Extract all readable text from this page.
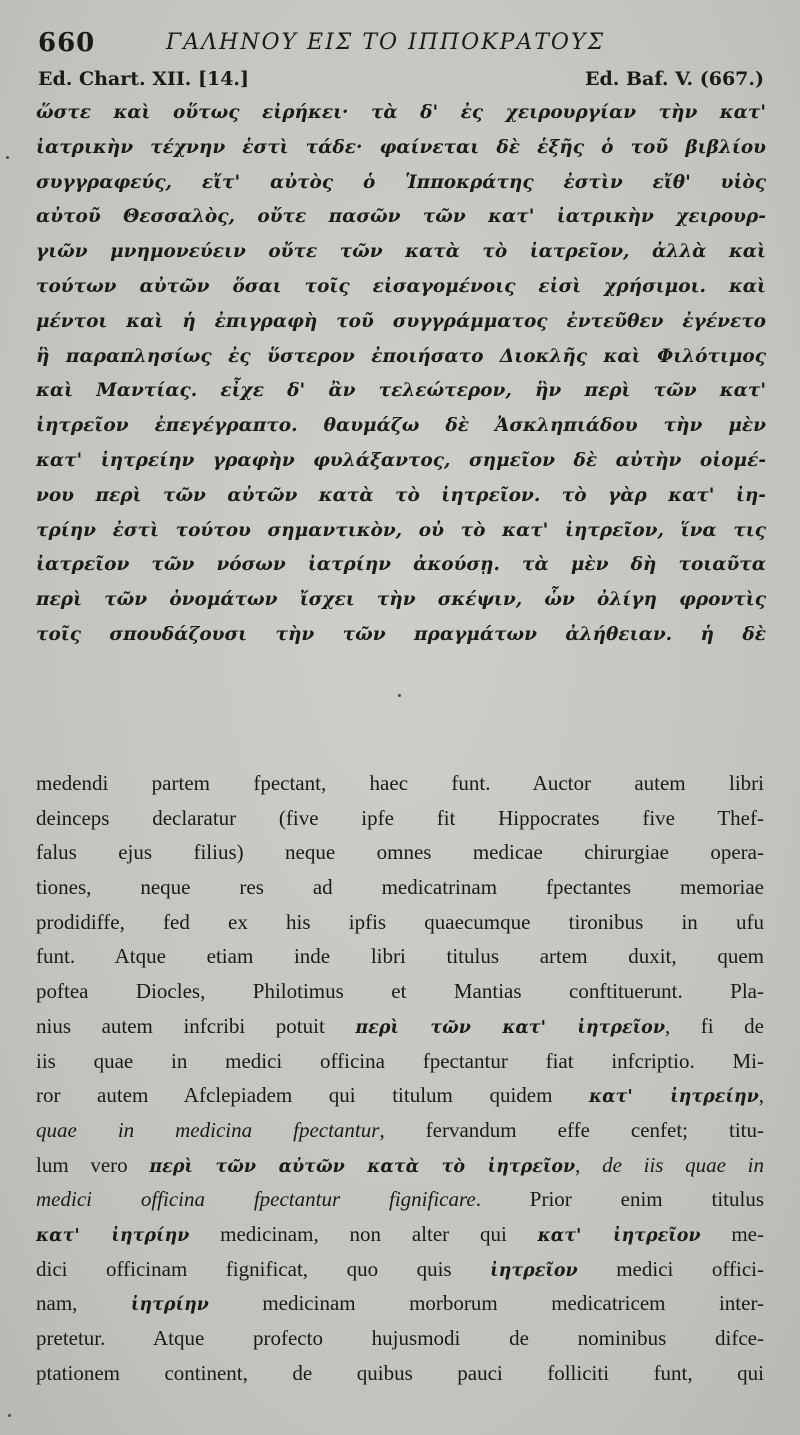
660	ΓΑΛΗΝΟΥ ΕΙΣ ΤΟ ΙΠΠΟΚΡΑΤΟΥΣ
Ed. Chart. XII. [14.]	Ed. Baf. V. (667.)
ὥστε καὶ οὕτως εἰρήκει· τὰ δ' ἐς χειρουργίαν τὴν κατ'
ἰατρικὴν τέχνην ἐστὶ τάδε· φαίνεται δὲ ἑξῆς ὁ τοῦ βιβλίου
συγγραφεύς, εἴτ' αὐτὸς ὁ Ἱπποκράτης ἐστὶν εἴθ' υἱὸς
αὐτοῦ Θεσσαλὸς, οὔτε πασῶν τῶν κατ' ἰατρικὴν χειρουρ-
γιῶν μνημονεύειν οὔτε τῶν κατὰ τὸ ἰατρεῖον, ἀλλὰ καὶ
τούτων αὐτῶν ὅσαι τοῖς εἰσαγομένοις εἰσὶ χρήσιμοι. καὶ
μέντοι καὶ ἡ ἐπιγραφὴ τοῦ συγγράμματος ἐντεῦθεν ἐγένετο
ἣ παραπλησίως ἐς ὕστερον ἐποιήσατο Διοκλῆς καὶ Φιλότιμος
καὶ Μαντίας. εἶχε δ' ἂν τελεώτερον, ἣν περὶ τῶν κατ'
ἰητρεῖον ἐπεγέγραπτο. θαυμάζω δὲ Ἀσκληπιάδου τὴν μὲν
κατ' ἰητρείην γραφὴν φυλάξαντος, σημεῖον δὲ αὐτὴν οἰομέ-
νου περὶ τῶν αὐτῶν κατὰ τὸ ἰητρεῖον. τὸ γὰρ κατ' ἰη-
τρίην ἐστὶ τούτου σημαντικὸν, οὐ τὸ κατ' ἰητρεῖον, ἵνα τις
ἰατρεῖον τῶν νόσων ἰατρίην ἀκούσῃ. τὰ μὲν δὴ τοιαῦτα
περὶ τῶν ὀνομάτων ἴσχει τὴν σκέψιν, ὧν ὀλίγη φροντὶς
τοῖς σπουδάζουσι τὴν τῶν πραγμάτων ἀλήθειαν. ἡ δὲ
medendi partem fpectant, haec funt. Auctor autem libri
deinceps declaratur (five ipfe fit Hippocrates five Thef-
falus ejus filius) neque omnes medicae chirurgiae opera-
tiones, neque res ad medicatrinam fpectantes memoriae
prodidiffe, fed ex his ipfis quaecumque tironibus in ufu
funt. Atque etiam inde libri titulus artem duxit, quem
poftea Diocles, Philotimus et Mantias conftituerunt. Pla-
nius autem infcribi potuit περὶ τῶν κατ' ἰητρεῖον, fi de
iis quae in medici officina fpectantur fiat infcriptio. Mi-
ror autem Afclepiadem qui titulum quidem κατ' ἰητρείην,
quae in medicina fpectantur, fervandum effe cenfet; titu-
lum vero περὶ τῶν αὐτῶν κατὰ τὸ ἰητρεῖον, de iis quae in
medici officina fpectantur fignificare. Prior enim titulus
κατ' ἰητρίην medicinam, non alter qui κατ' ἰητρεῖον me-
dici officinam fignificat, quo quis ἰητρεῖον medici offici-
nam, ἰητρίην medicinam morborum medicatricem inter-
pretetur. Atque profecto hujusmodi de nominibus difce-
ptationem continent, de quibus pauci folliciti funt, qui
